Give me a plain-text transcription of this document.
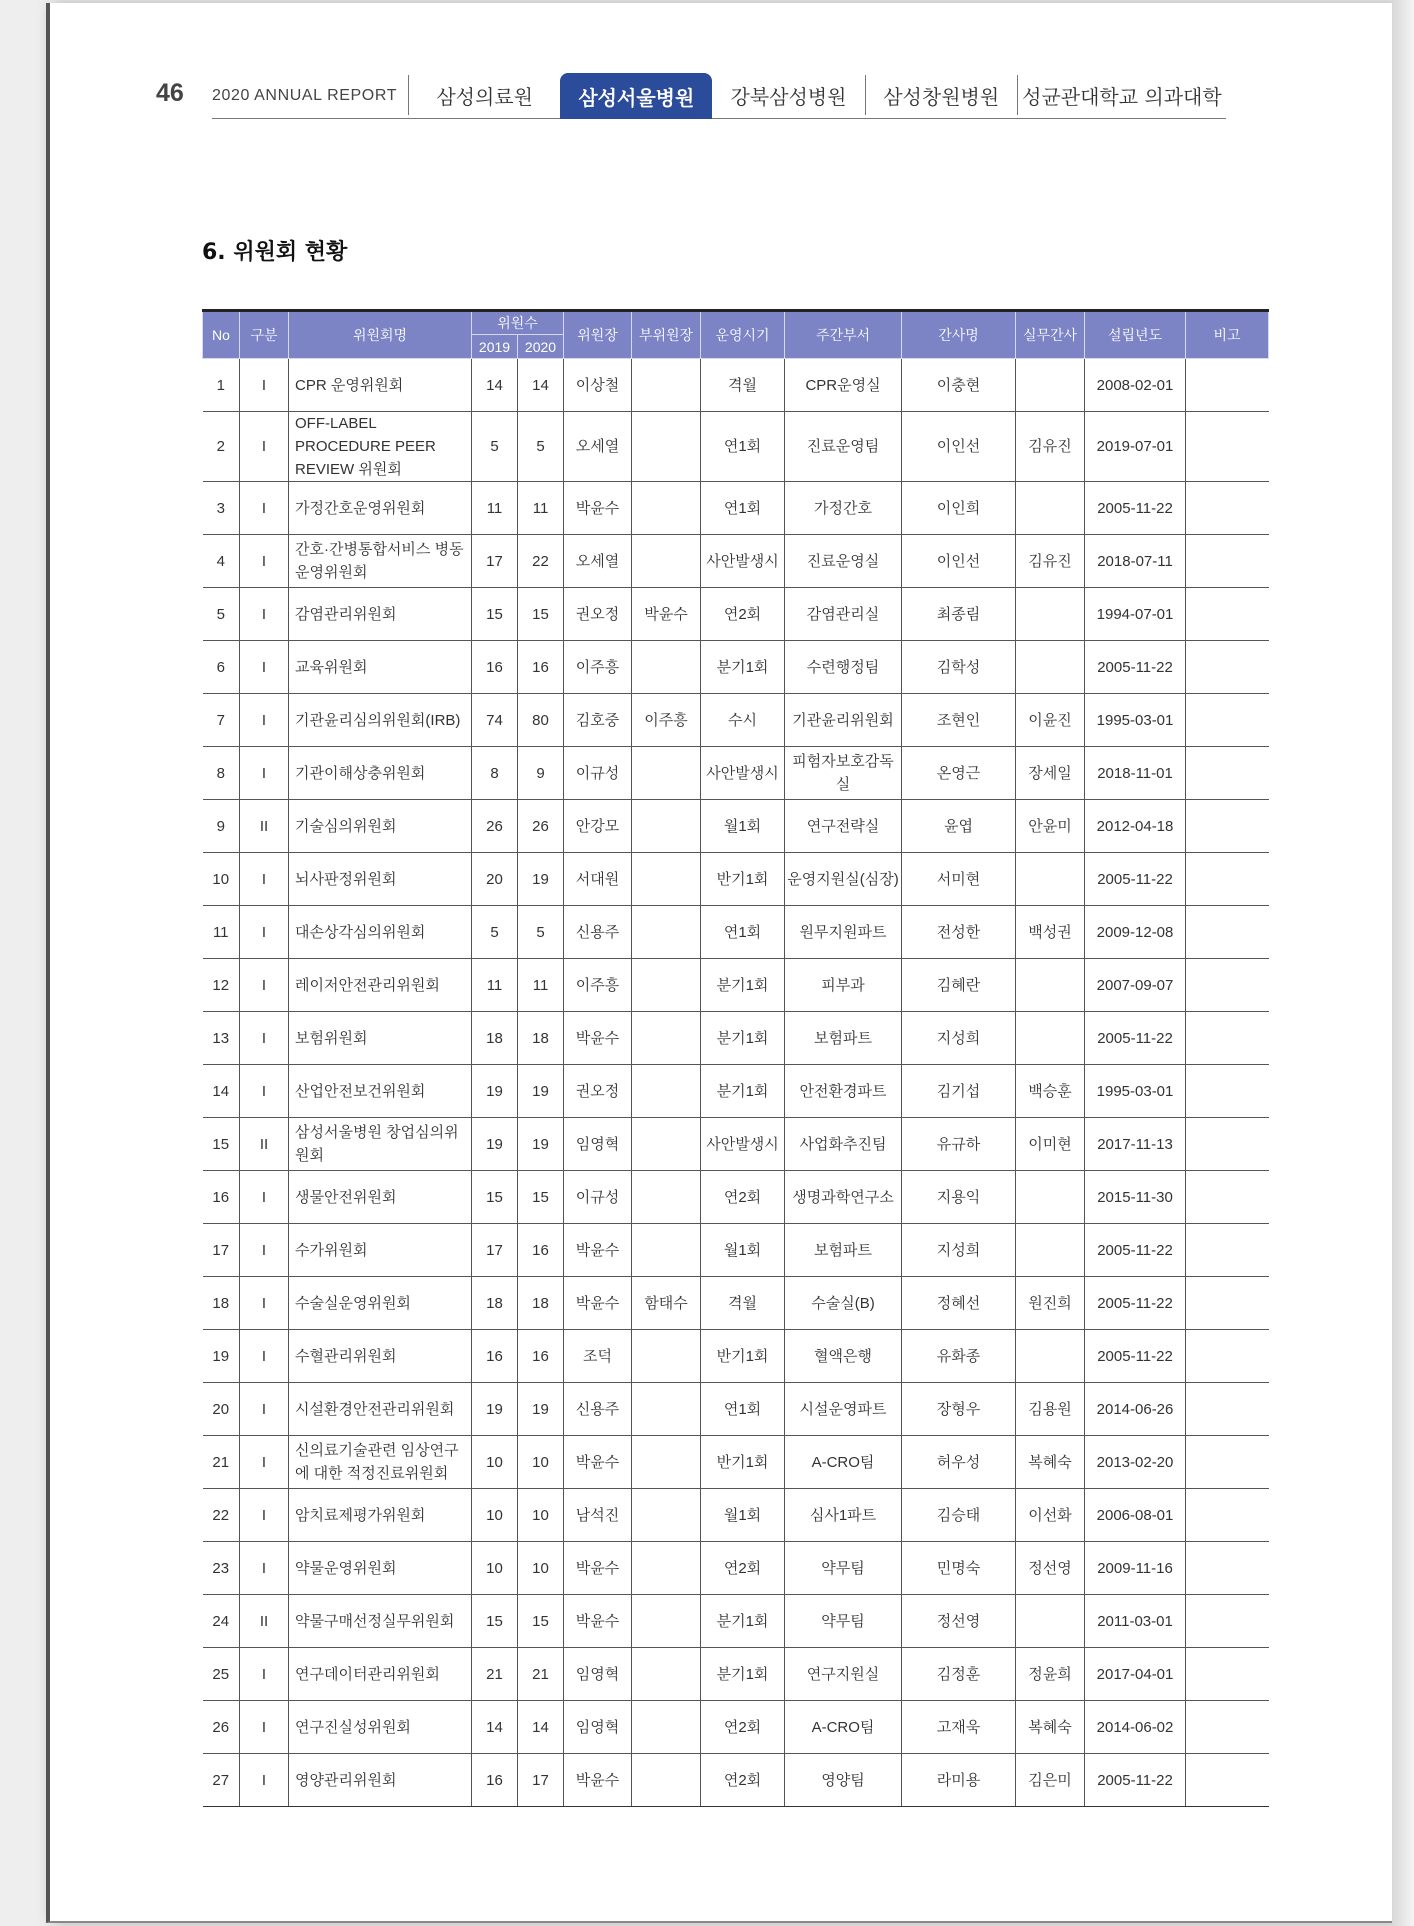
46 2020 ANNUAL REPORT	삼성의료원	삼성서울병원	강북삼성병원	삼성창원병원	성균관대학교 의과대학
6. 위원회 현황
No	구분	위원회명	위원수		위원장	부위원장	운영시기	주간부서	간사명	실무간사	설립년도	비고
			2019	2020								
1	I	CPR 운영위원회	14	14	이상철		격월	CPR운영실	이충현		2008-02-01	
2	I	OFF-LABEL PROCEDURE PEER REVIEW 위원회	5	5	오세열		연1회	진료운영팀	이인선	김유진	2019-07-01	
3	I	가정간호운영위원회	11	11	박윤수		연1회	가정간호	이인희		2005-11-22	
4	I	간호·간병통합서비스 병동 운영위원회	17	22	오세열		사안발생시	진료운영실	이인선	김유진	2018-07-11	
5	I	감염관리위원회	15	15	권오정	박윤수	연2회	감염관리실	최종림		1994-07-01	
6	I	교육위원회	16	16	이주흥		분기1회	수련행정팀	김학성		2005-11-22	
7	I	기관윤리심의위원회(IRB)	74	80	김호중	이주흥	수시	기관윤리위원회	조현인	이윤진	1995-03-01	
8	I	기관이해상충위원회	8	9	이규성		사안발생시	피험자보호감독실	온영근	장세일	2018-11-01	
9	II	기술심의위원회	26	26	안강모		월1회	연구전략실	윤엽	안윤미	2012-04-18	
10	I	뇌사판정위원회	20	19	서대원		반기1회	운영지원실(심장)	서미현		2005-11-22	
11	I	대손상각심의위원회	5	5	신용주		연1회	원무지원파트	전성한	백성권	2009-12-08	
12	I	레이저안전관리위원회	11	11	이주흥		분기1회	피부과	김혜란		2007-09-07	
13	I	보험위원회	18	18	박윤수		분기1회	보험파트	지성희		2005-11-22	
14	I	산업안전보건위원회	19	19	권오정		분기1회	안전환경파트	김기섭	백승훈	1995-03-01	
15	II	삼성서울병원 창업심의위원회	19	19	임영혁		사안발생시	사업화추진팀	유규하	이미현	2017-11-13	
16	I	생물안전위원회	15	15	이규성		연2회	생명과학연구소	지용익		2015-11-30	
17	I	수가위원회	17	16	박윤수		월1회	보험파트	지성희		2005-11-22	
18	I	수술실운영위원회	18	18	박윤수	함태수	격월	수술실(B)	정혜선	원진희	2005-11-22	
19	I	수혈관리위원회	16	16	조덕		반기1회	혈액은행	유화종		2005-11-22	
20	I	시설환경안전관리위원회	19	19	신용주		연1회	시설운영파트	장형우	김용원	2014-06-26	
21	I	신의료기술관련 임상연구에 대한 적정진료위원회	10	10	박윤수		반기1회	A-CRO팀	허우성	복혜숙	2013-02-20	
22	I	암치료제평가위원회	10	10	남석진		월1회	심사1파트	김승태	이선화	2006-08-01	
23	I	약물운영위원회	10	10	박윤수		연2회	약무팀	민명숙	정선영	2009-11-16	
24	II	약물구매선정실무위원회	15	15	박윤수		분기1회	약무팀	정선영		2011-03-01	
25	I	연구데이터관리위원회	21	21	임영혁		분기1회	연구지원실	김정훈	정윤희	2017-04-01	
26	I	연구진실성위원회	14	14	임영혁		연2회	A-CRO팀	고재욱	복혜숙	2014-06-02	
27	I	영양관리위원회	16	17	박윤수		연2회	영양팀	라미용	김은미	2005-11-22	
